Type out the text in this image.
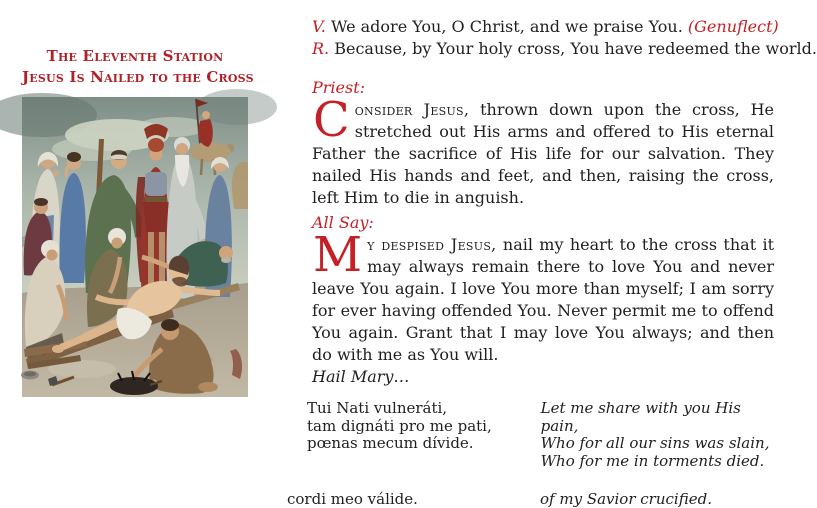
The Eleventh Station
Jesus Is Nailed to the Cross

V. We adore You, O Christ, and we praise You. (Genuflect)

R. Because, by Your holy cross, You have redeemed the world.

Priest:

Consider Jesus, thrown down upon the cross, He stretched out His arms and offered to His eternal Father the sacrifice of His life for our salvation. They nailed His hands and feet, and then, raising the cross, left Him to die in anguish.

All Say:

My despised Jesus, nail my heart to the cross that it may always remain there to love You and never leave You again. I love You more than myself; I am sorry for ever having offended You. Never permit me to offend You again. Grant that I may love You always; and then do with me as You will.

Hail Mary…

Tui Nati vulneráti,
tam dignáti pro me pati,
pœnas mecum dívide.
Let me share with you His pain,
Who for all our sins was slain,
Who for me in torments died.
cordi meo válide.	of my Savior crucified.
